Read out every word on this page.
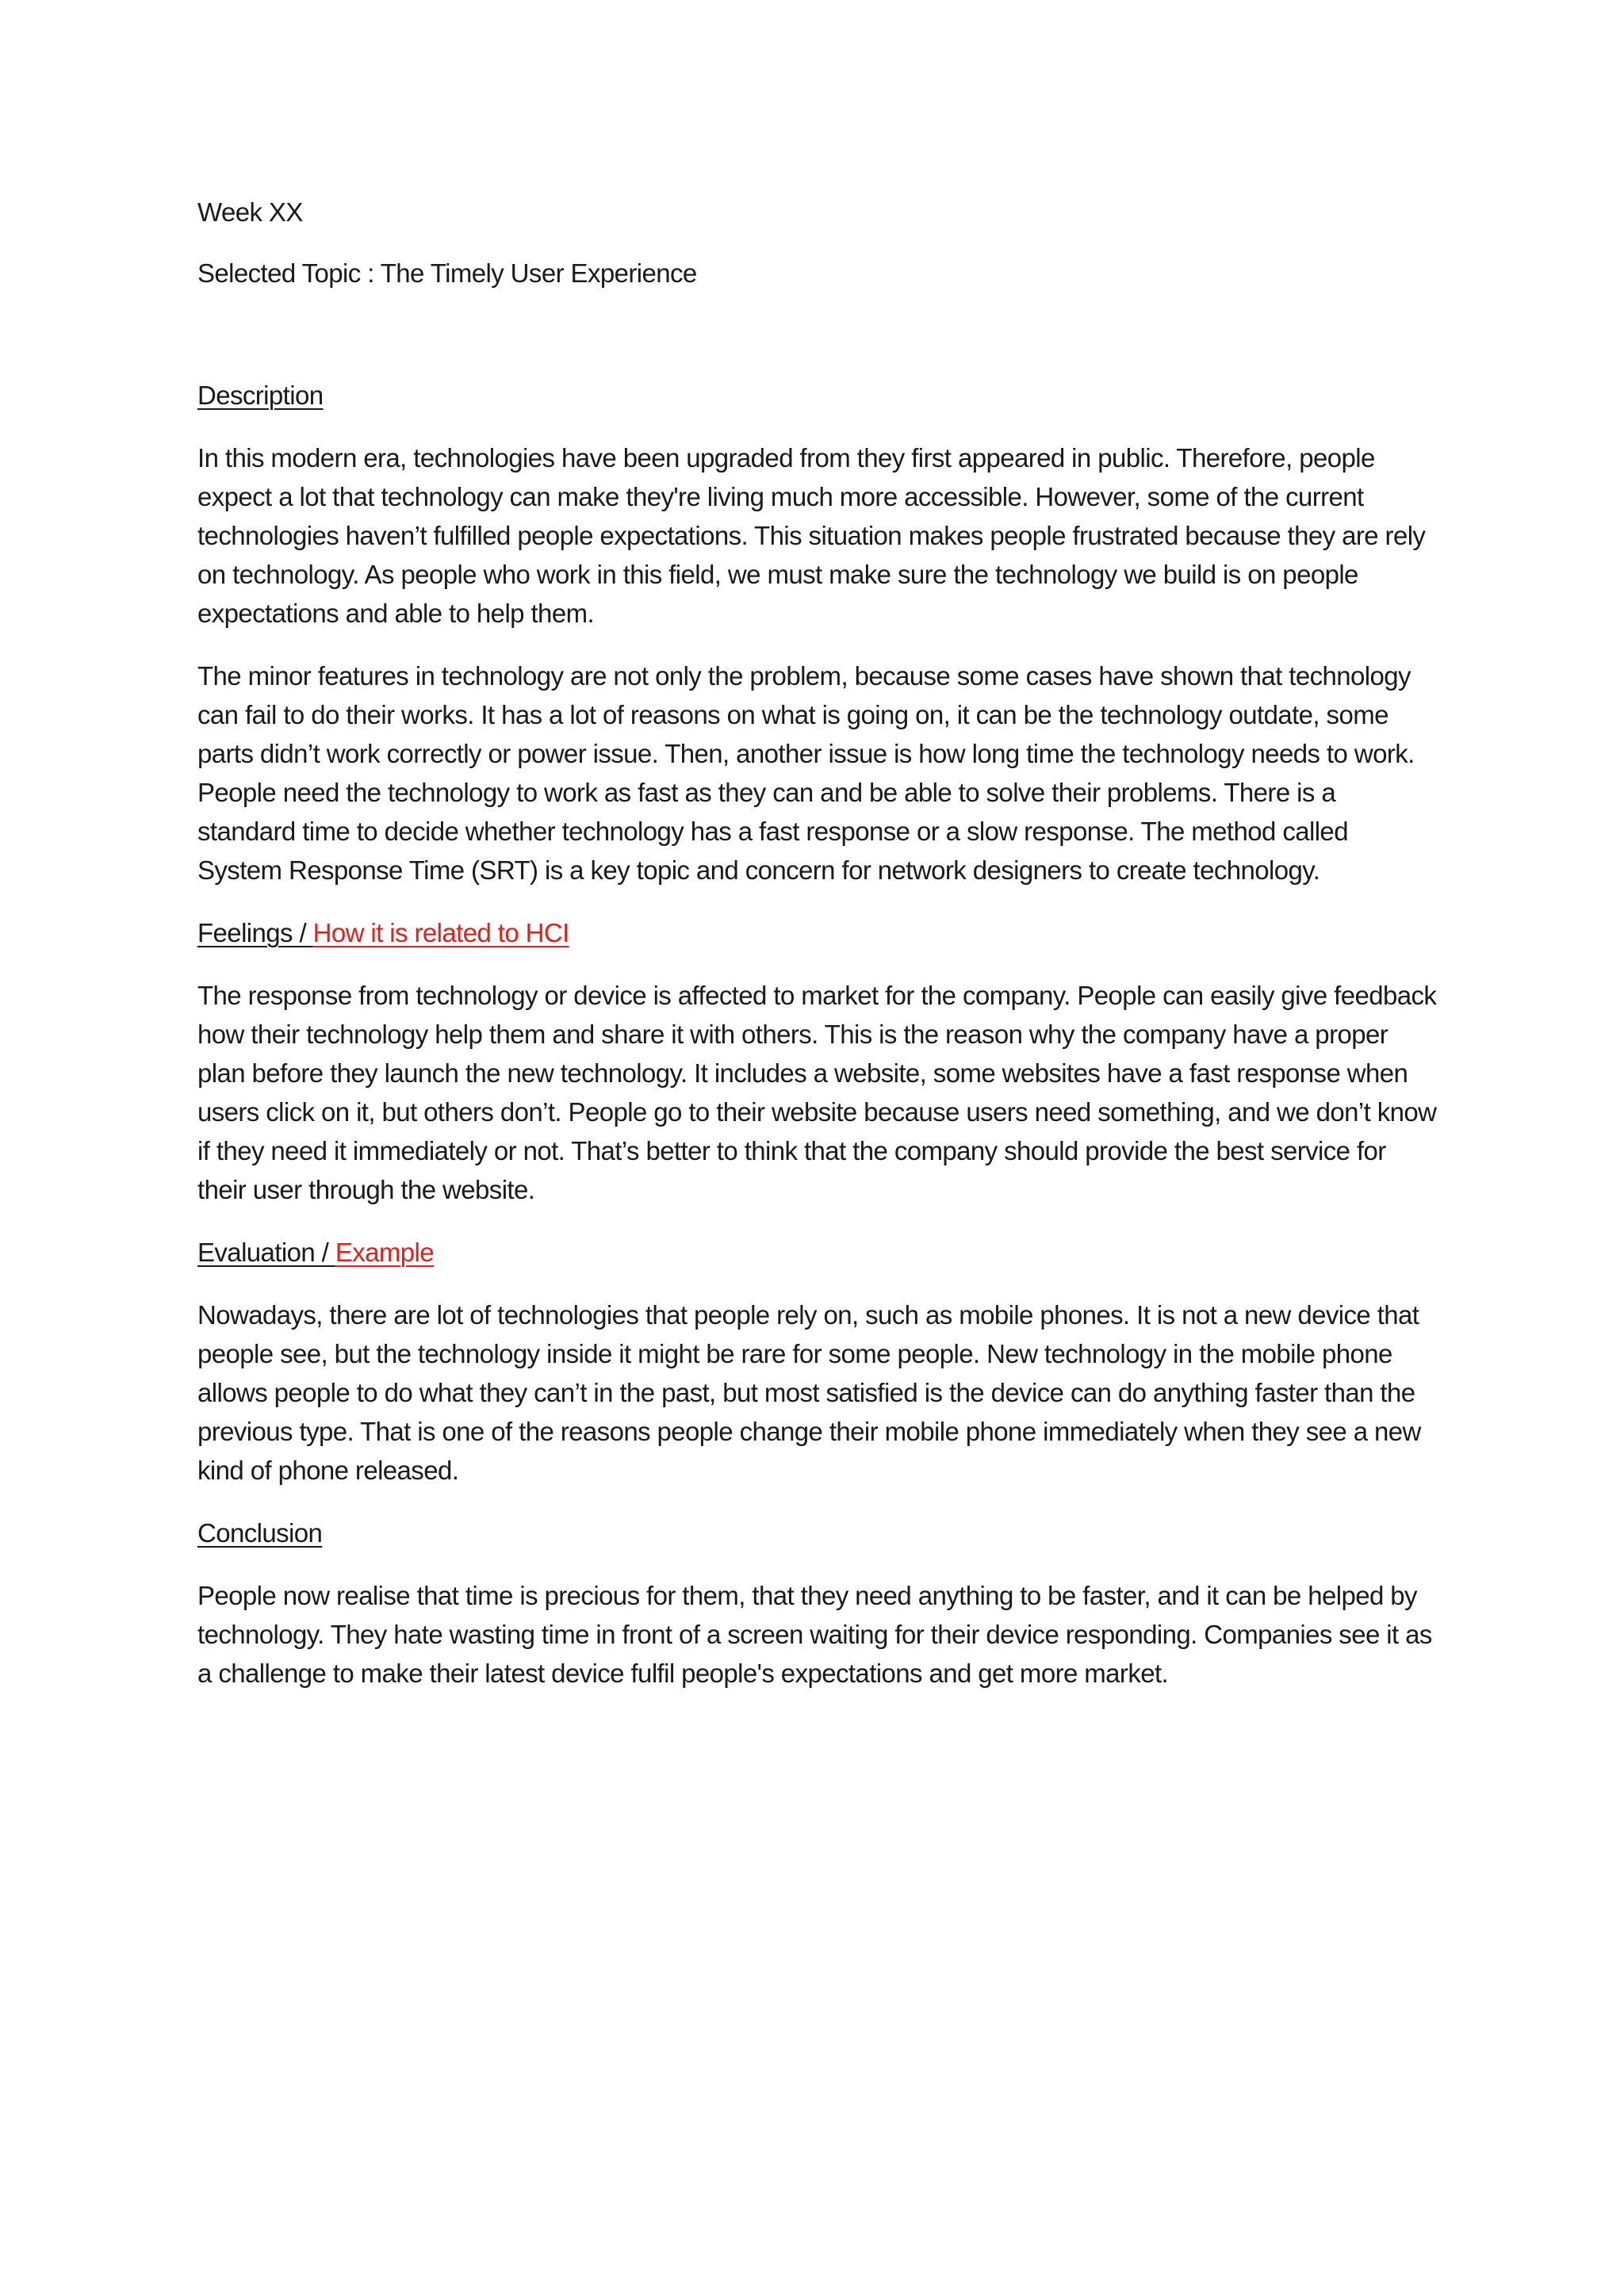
Week XX

Selected Topic : The Timely User Experience

Description

In this modern era, technologies have been upgraded from they first appeared in public. Therefore, people expect a lot that technology can make they're living much more accessible. However, some of the current technologies haven’t fulfilled people expectations. This situation makes people frustrated because they are rely on technology. As people who work in this field, we must make sure the technology we build is on people expectations and able to help them.

The minor features in technology are not only the problem, because some cases have shown that technology can fail to do their works. It has a lot of reasons on what is going on, it can be the technology outdate, some parts didn’t work correctly or power issue. Then, another issue is how long time the technology needs to work. People need the technology to work as fast as they can and be able to solve their problems. There is a standard time to decide whether technology has a fast response or a slow response. The method called System Response Time (SRT) is a key topic and concern for network designers to create technology.

Feelings / How it is related to HCI

The response from technology or device is affected to market for the company. People can easily give feedback how their technology help them and share it with others. This is the reason why the company have a proper plan before they launch the new technology. It includes a website, some websites have a fast response when users click on it, but others don’t. People go to their website because users need something, and we don’t know if they need it immediately or not. That’s better to think that the company should provide the best service for their user through the website.

Evaluation / Example

Nowadays, there are lot of technologies that people rely on, such as mobile phones. It is not a new device that people see, but the technology inside it might be rare for some people. New technology in the mobile phone allows people to do what they can’t in the past, but most satisfied is the device can do anything faster than the previous type. That is one of the reasons people change their mobile phone immediately when they see a new kind of phone released.

Conclusion

People now realise that time is precious for them, that they need anything to be faster, and it can be helped by technology. They hate wasting time in front of a screen waiting for their device responding. Companies see it as a challenge to make their latest device fulfil people's expectations and get more market.
